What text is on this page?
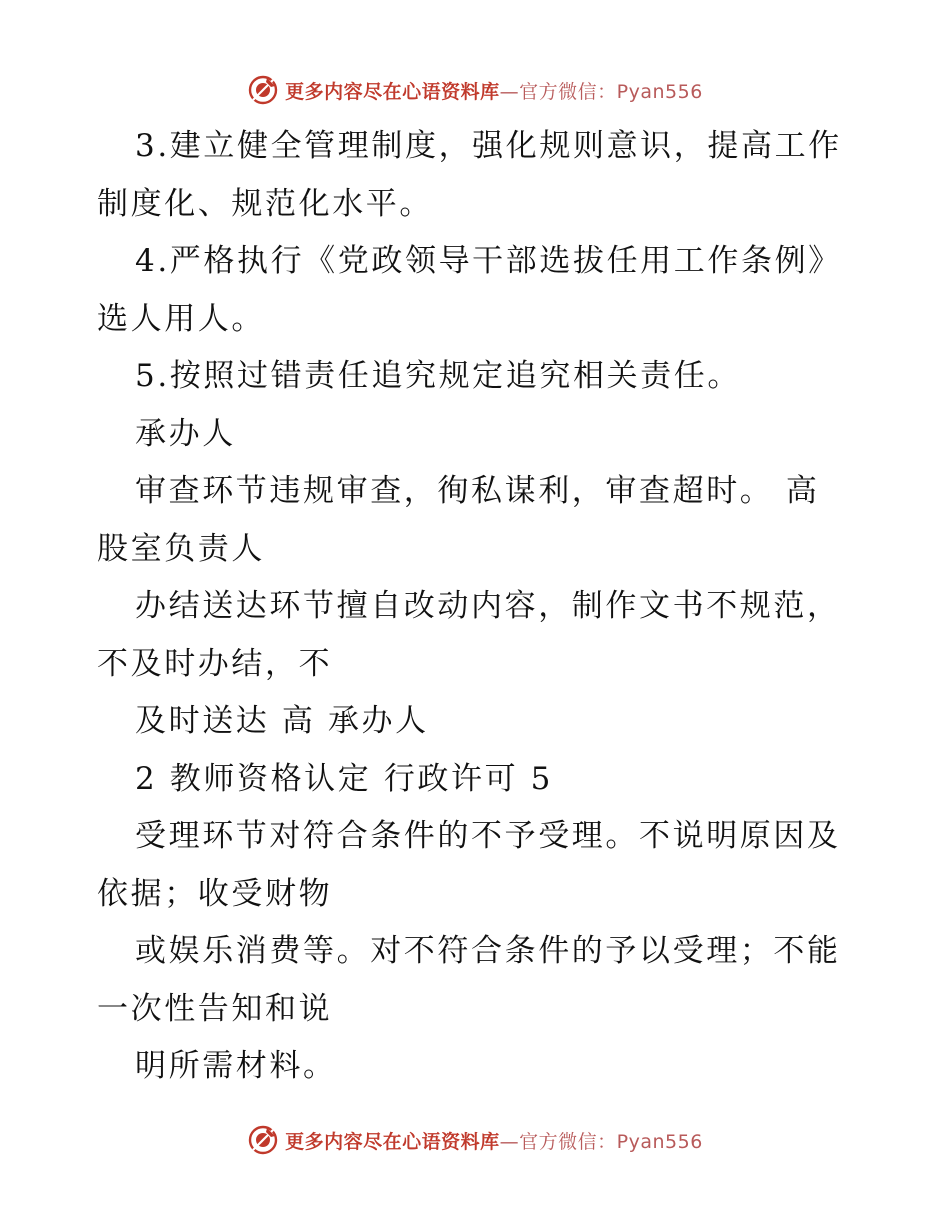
更多内容尽在心语资料库—官方微信：Pyan556
3.建立健全管理制度，强化规则意识，提高工作
制度化、规范化水平。
4.严格执行《党政领导干部选拔任用工作条例》
选人用人。
5.按照过错责任追究规定追究相关责任。
承办人
审查环节违规审查，徇私谋利，审查超时。 高
股室负责人
办结送达环节擅自改动内容，制作文书不规范，
不及时办结，不
及时送达 高 承办人
2 教师资格认定 行政许可 5
受理环节对符合条件的不予受理。不说明原因及
依据；收受财物
或娱乐消费等。对不符合条件的予以受理；不能
一次性告知和说
明所需材料。
更多内容尽在心语资料库—官方微信：Pyan556
